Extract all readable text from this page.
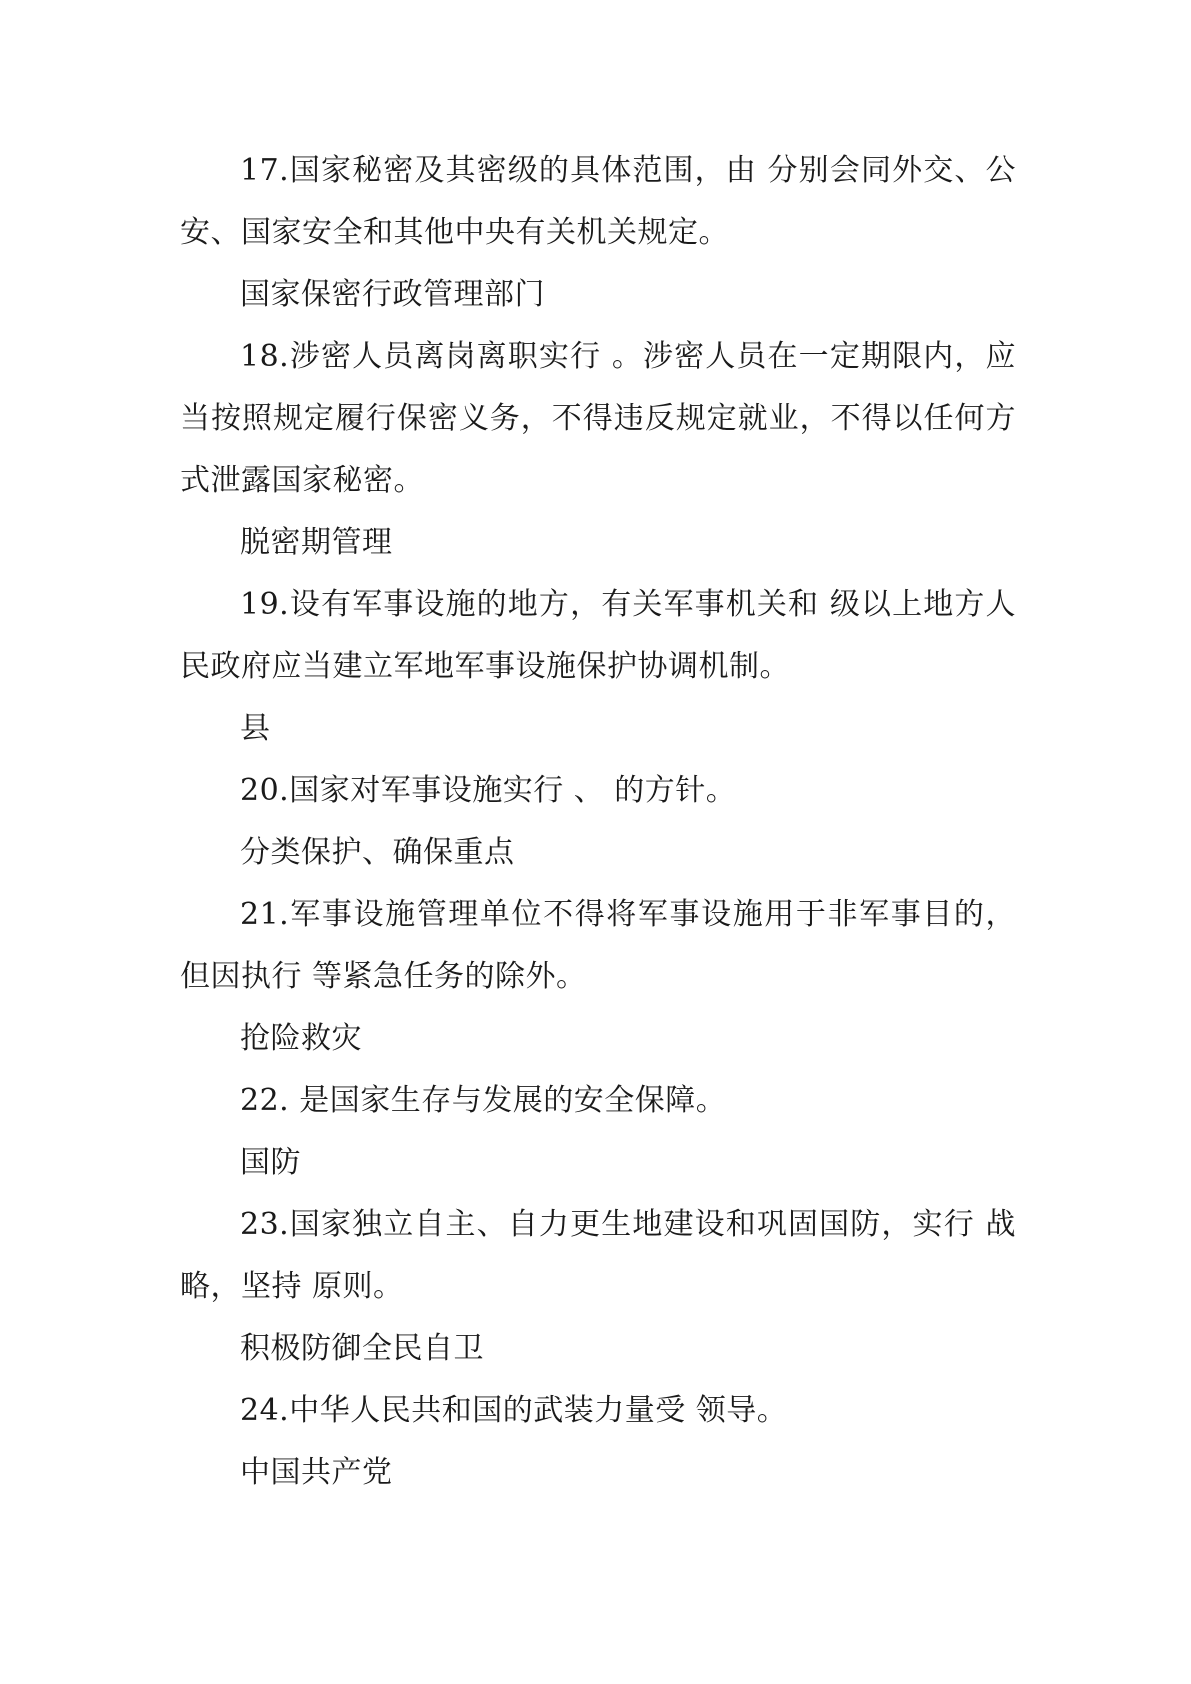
17.国家秘密及其密级的具体范围，由 分别会同外交、公安、国家安全和其他中央有关机关规定。

国家保密行政管理部门

18.涉密人员离岗离职实行 。涉密人员在一定期限内，应当按照规定履行保密义务，不得违反规定就业，不得以任何方式泄露国家秘密。

脱密期管理

19.设有军事设施的地方，有关军事机关和 级以上地方人民政府应当建立军地军事设施保护协调机制。

县

20.国家对军事设施实行 、 的方针。

分类保护、确保重点

21.军事设施管理单位不得将军事设施用于非军事目的，但因执行 等紧急任务的除外。

抢险救灾

22. 是国家生存与发展的安全保障。

国防

23.国家独立自主、自力更生地建设和巩固国防，实行 战略，坚持 原则。

积极防御全民自卫

24.中华人民共和国的武装力量受 领导。

中国共产党
